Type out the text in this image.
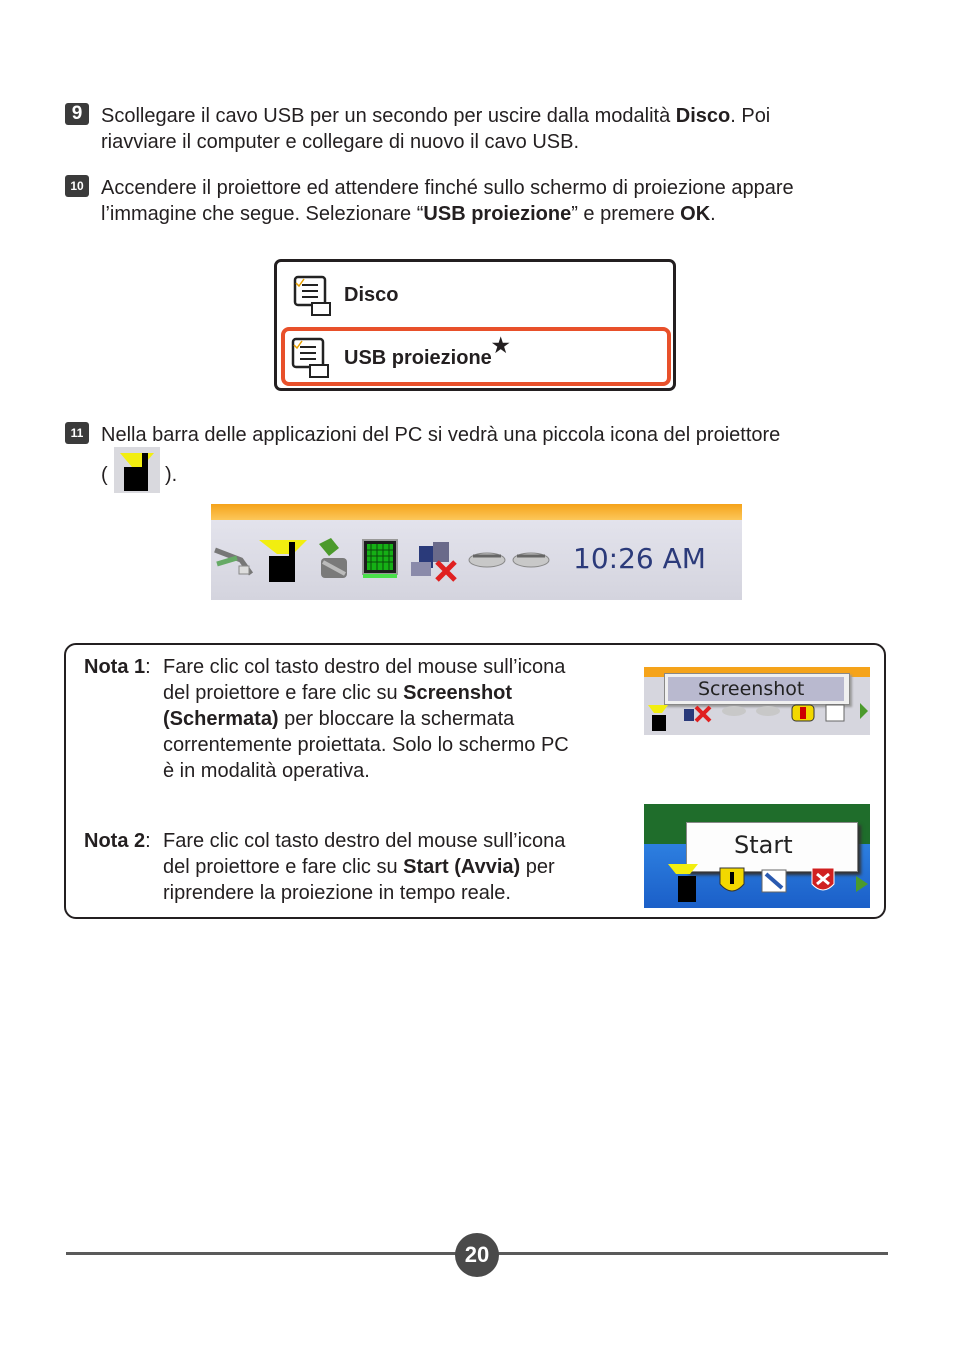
9 Scollegare il cavo USB per un secondo per uscire dalla modalità Disco. Poi
riavviare il computer e collegare di nuovo il cavo USB.
10 Accendere il proiettore ed attendere finché sullo schermo di proiezione appare
l’immagine che segue. Selezionare “USB proiezione” e premere OK.
Disco
USB proiezione★
11 Nella barra delle applicazioni del PC si vedrà una piccola icona del proiettore
(	).
10:26 AM
Nota 1: Fare clic col tasto destro del mouse sull’icona
del proiettore e fare clic su Screenshot
(Schermata) per bloccare la schermata
correntemente proiettata. Solo lo schermo PC
è in modalità operativa.
Screenshot
Nota 2: Fare clic col tasto destro del mouse sull’icona
del proiettore e fare clic su Start (Avvia) per
riprendere la proiezione in tempo reale.
Start
20
